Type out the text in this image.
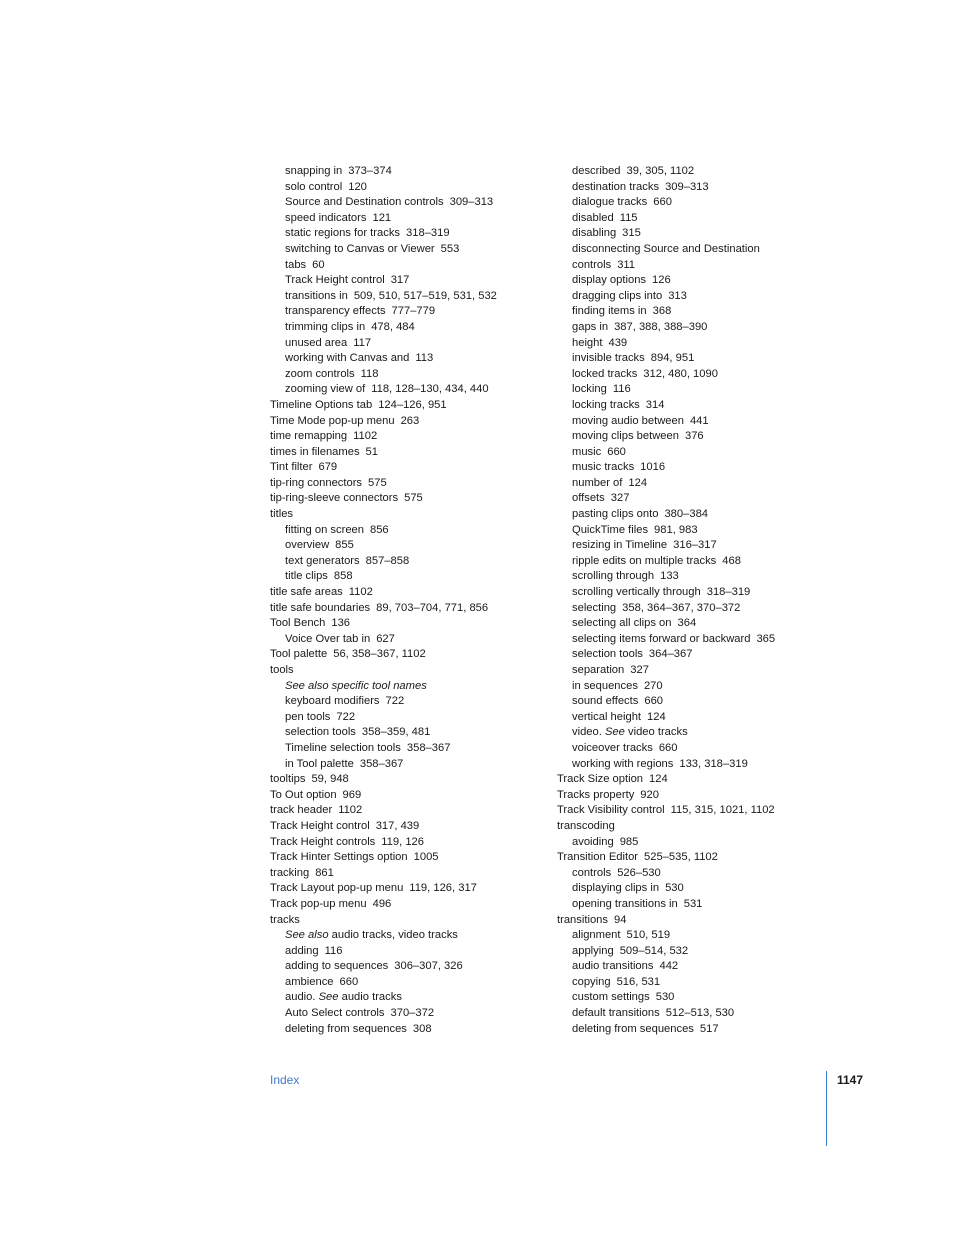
snapping in 373–374
solo control 120
Source and Destination controls 309–313
speed indicators 121
static regions for tracks 318–319
switching to Canvas or Viewer 553
tabs 60
Track Height control 317
transitions in 509, 510, 517–519, 531, 532
transparency effects 777–779
trimming clips in 478, 484
unused area 117
working with Canvas and 113
zoom controls 118
zooming view of 118, 128–130, 434, 440
Timeline Options tab 124–126, 951
Time Mode pop-up menu 263
time remapping 1102
times in filenames 51
Tint filter 679
tip-ring connectors 575
tip-ring-sleeve connectors 575
titles
fitting on screen 856
overview 855
text generators 857–858
title clips 858
title safe areas 1102
title safe boundaries 89, 703–704, 771, 856
Tool Bench 136
Voice Over tab in 627
Tool palette 56, 358–367, 1102
tools
See also specific tool names
keyboard modifiers 722
pen tools 722
selection tools 358–359, 481
Timeline selection tools 358–367
in Tool palette 358–367
tooltips 59, 948
To Out option 969
track header 1102
Track Height control 317, 439
Track Height controls 119, 126
Track Hinter Settings option 1005
tracking 861
Track Layout pop-up menu 119, 126, 317
Track pop-up menu 496
tracks
See also audio tracks, video tracks
adding 116
adding to sequences 306–307, 326
ambience 660
audio. See audio tracks
Auto Select controls 370–372
deleting from sequences 308
described 39, 305, 1102
destination tracks 309–313
dialogue tracks 660
disabled 115
disabling 315
disconnecting Source and Destination
controls 311
display options 126
dragging clips into 313
finding items in 368
gaps in 387, 388, 388–390
height 439
invisible tracks 894, 951
locked tracks 312, 480, 1090
locking 116
locking tracks 314
moving audio between 441
moving clips between 376
music 660
music tracks 1016
number of 124
offsets 327
pasting clips onto 380–384
QuickTime files 981, 983
resizing in Timeline 316–317
ripple edits on multiple tracks 468
scrolling through 133
scrolling vertically through 318–319
selecting 358, 364–367, 370–372
selecting all clips on 364
selecting items forward or backward 365
selection tools 364–367
separation 327
in sequences 270
sound effects 660
vertical height 124
video. See video tracks
voiceover tracks 660
working with regions 133, 318–319
Track Size option 124
Tracks property 920
Track Visibility control 115, 315, 1021, 1102
transcoding
avoiding 985
Transition Editor 525–535, 1102
controls 526–530
displaying clips in 530
opening transitions in 531
transitions 94
alignment 510, 519
applying 509–514, 532
audio transitions 442
copying 516, 531
custom settings 530
default transitions 512–513, 530
deleting from sequences 517
Index	1147
